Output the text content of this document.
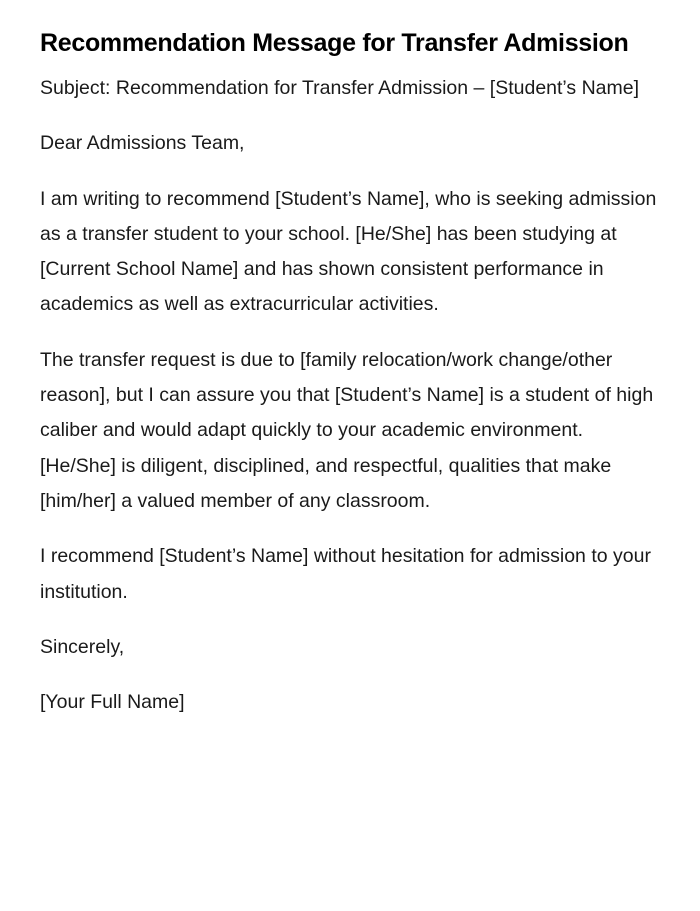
Recommendation Message for Transfer Admission

Subject: Recommendation for Transfer Admission – [Student’s Name]

Dear Admissions Team,

I am writing to recommend [Student’s Name], who is seeking admission as a transfer student to your school. [He/She] has been studying at [Current School Name] and has shown consistent performance in academics as well as extracurricular activities.

The transfer request is due to [family relocation/work change/other reason], but I can assure you that [Student’s Name] is a student of high caliber and would adapt quickly to your academic environment. [He/She] is diligent, disciplined, and respectful, qualities that make [him/her] a valued member of any classroom.

I recommend [Student’s Name] without hesitation for admission to your institution.

Sincerely,

[Your Full Name]
